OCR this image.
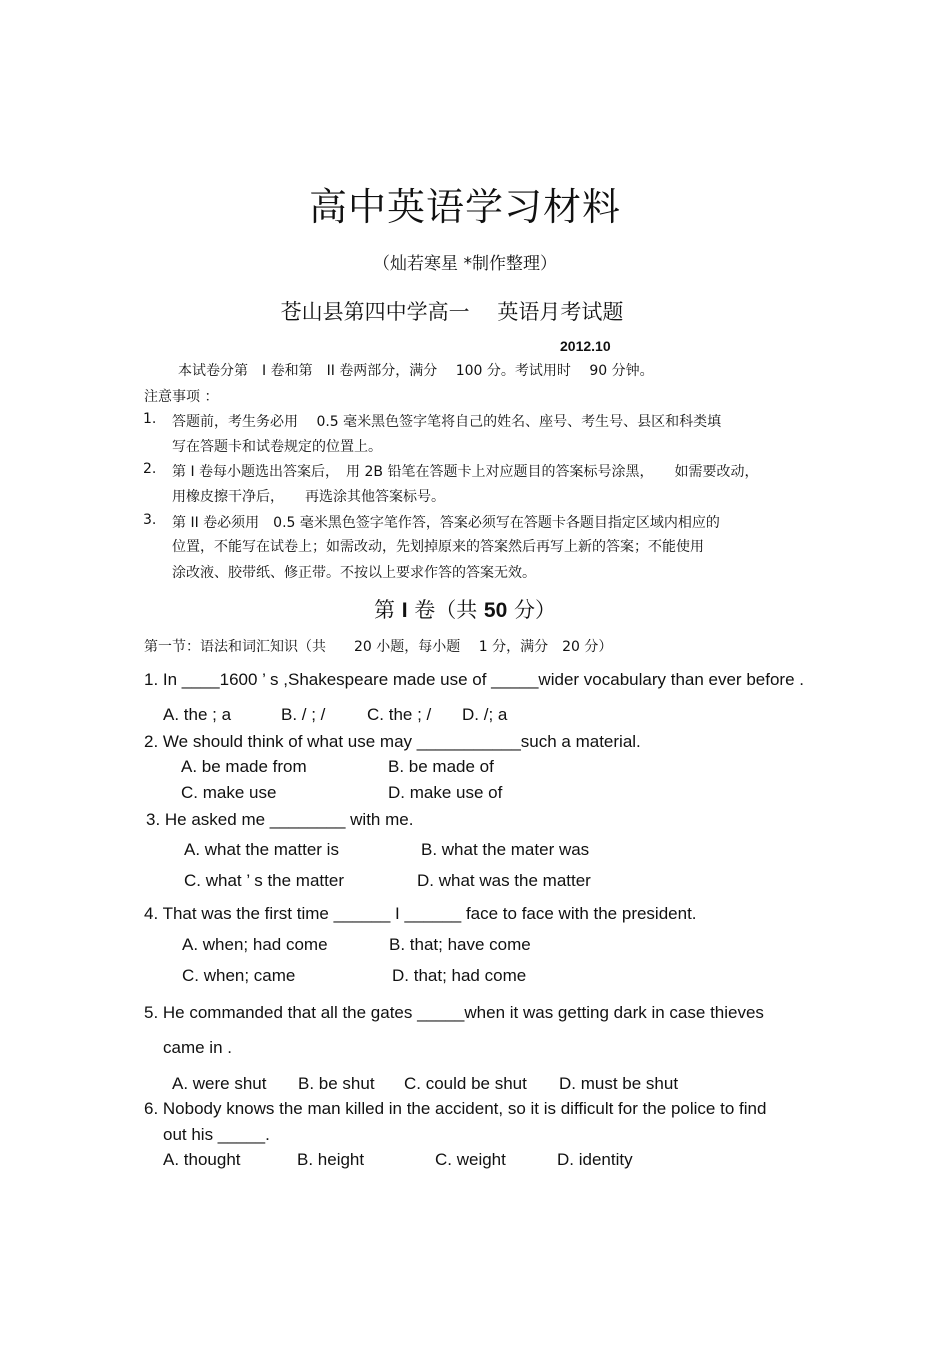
高中英语学习材料
（灿若寒星 *制作整理）
苍山县第四中学高一　 英语月考试题
2012.10
本试卷分第　I 卷和第　II 卷两部分，满分　 100 分。考试用时　 90 分钟。
注意事项 ：
1. 答题前，考生务必用　 0.5 毫米黑色签字笔将自己的姓名、座号、考生号、县区和科类填
写在答题卡和试卷规定的位置上。
2. 第 I 卷每小题选出答案后，　用 2B 铅笔在答题卡上对应题目的答案标号涂黑，　　如需要改动，
用橡皮擦干净后，　　再选涂其他答案标号。
3. 第 II 卷必须用　0.5 毫米黑色签字笔作答，答案必须写在答题卡各题目指定区域内相应的
位置，不能写在试卷上；如需改动，先划掉原来的答案然后再写上新的答案；不能使用
涂改液、胶带纸、修正带。不按以上要求作答的答案无效。
第 I 卷（共 50 分）
第一节：语法和词汇知识（共　　20 小题，每小题　 1 分，满分　20 分）
1. In ____1600 ’ s ,Shakespeare made use of _____wider vocabulary than ever before .
A. the ; a	B. / ; / C. the ; / D. /; a
2. We should think of what use may ___________such a material.
A. be made from	B. be made of
C. make use	D. make use of
3. He asked me ________ with me.
A. what the matter is	B. what the mater was
C. what ’ s the matter	D. what was the matter
4. That was the first time ______ I ______ face to face with the president.
A. when; had come	B. that; have come
C. when; came	D. that; had come
5. He commanded that all the gates _____when it was getting dark in case thieves
came in .
A. were shut B. be shut C. could be shut D. must be shut
6. Nobody knows the man killed in the accident, so it is difficult for the police to find
out his _____.
A. thought	B. height	C. weight	D. identity
